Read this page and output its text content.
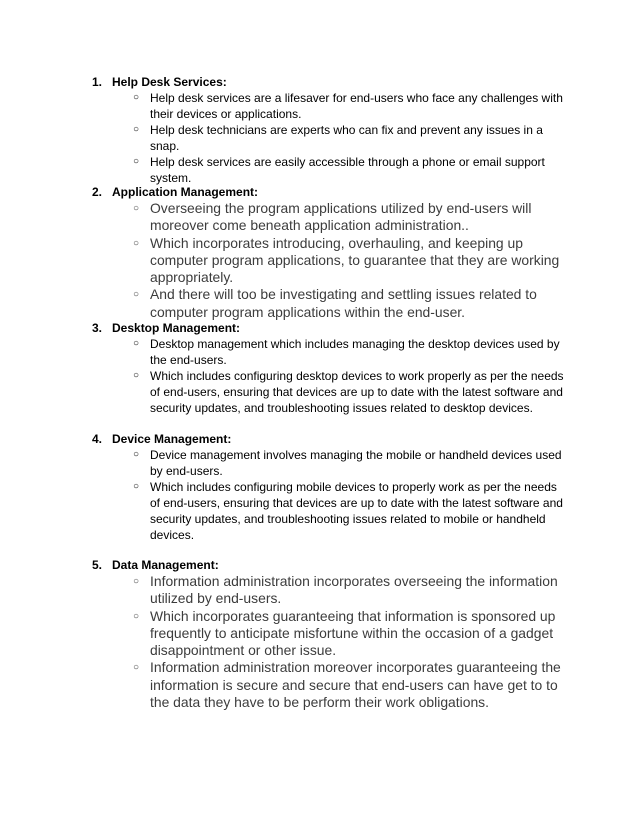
1. Help Desk Services:
○ Help desk services are a lifesaver for end-users who face any challenges with their devices or applications.
○ Help desk technicians are experts who can fix and prevent any issues in a snap.
○ Help desk services are easily accessible through a phone or email support system.
2. Application Management:
○ Overseeing the program applications utilized by end-users will moreover come beneath application administration..
○ Which incorporates introducing, overhauling, and keeping up computer program applications, to guarantee that they are working appropriately.
○ And there will too be investigating and settling issues related to computer program applications within the end-user.
3. Desktop Management:
○ Desktop management which includes managing the desktop devices used by the end-users.
○ Which includes configuring desktop devices to work properly as per the needs of end-users, ensuring that devices are up to date with the latest software and security updates, and troubleshooting issues related to desktop devices.
4. Device Management:
○ Device management involves managing the mobile or handheld devices used by end-users.
○ Which includes configuring mobile devices to properly work as per the needs of end-users, ensuring that devices are up to date with the latest software and security updates, and troubleshooting issues related to mobile or handheld devices.
5. Data Management:
○ Information administration incorporates overseeing the information utilized by end-users.
○ Which incorporates guaranteeing that information is sponsored up frequently to anticipate misfortune within the occasion of a gadget disappointment or other issue.
○ Information administration moreover incorporates guaranteeing the information is secure and secure that end-users can have get to to the data they have to be perform their work obligations.
